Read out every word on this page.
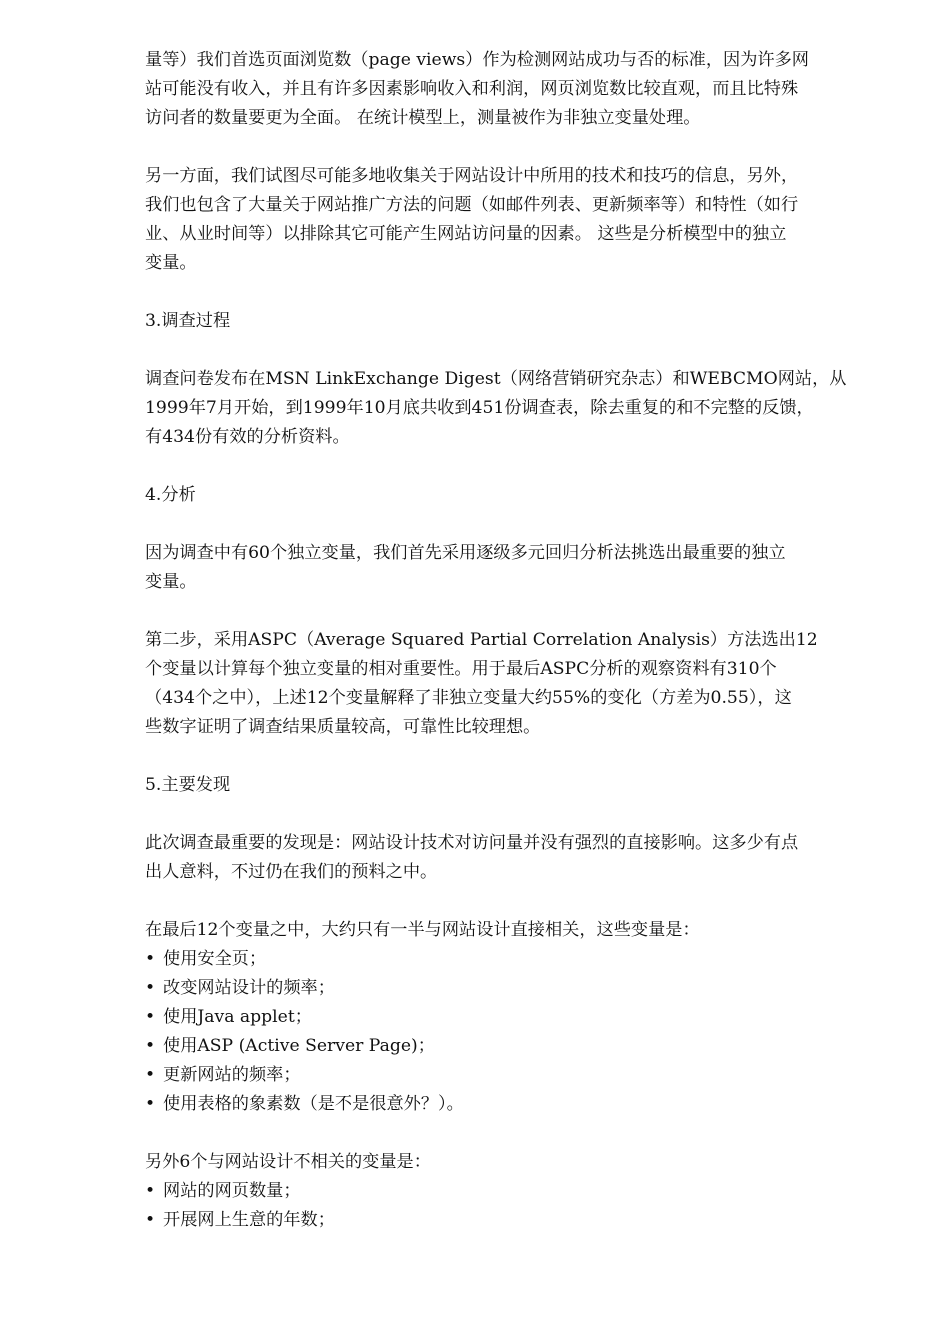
量等）我们首选页面浏览数（page views）作为检测网站成功与否的标准，因为许多网
站可能没有收入，并且有许多因素影响收入和利润，网页浏览数比较直观，而且比特殊
访问者的数量要更为全面。 在统计模型上，测量被作为非独立变量处理。
另一方面，我们试图尽可能多地收集关于网站设计中所用的技术和技巧的信息，另外，
我们也包含了大量关于网站推广方法的问题（如邮件列表、更新频率等）和特性（如行
业、从业时间等）以排除其它可能产生网站访问量的因素。 这些是分析模型中的独立
变量。
3.调查过程
调查问卷发布在MSN LinkExchange Digest（网络营销研究杂志）和WEBCMO网站，从
1999年7月开始，到1999年10月底共收到451份调查表，除去重复的和不完整的反馈，
有434份有效的分析资料。
4.分析
因为调查中有60个独立变量，我们首先采用逐级多元回归分析法挑选出最重要的独立
变量。
第二步，采用ASPC（Average Squared Partial Correlation Analysis）方法选出12
个变量以计算每个独立变量的相对重要性。用于最后ASPC分析的观察资料有310个
（434个之中），上述12个变量解释了非独立变量大约55%的变化（方差为0.55），这
些数字证明了调查结果质量较高，可靠性比较理想。
5.主要发现
此次调查最重要的发现是：网站设计技术对访问量并没有强烈的直接影响。这多少有点
出人意料，不过仍在我们的预料之中。
在最后12个变量之中，大约只有一半与网站设计直接相关，这些变量是：
• 使用安全页；
• 改变网站设计的频率；
• 使用Java applet；
• 使用ASP (Active Server Page)；
• 更新网站的频率；
• 使用表格的象素数（是不是很意外？）。
另外6个与网站设计不相关的变量是：
• 网站的网页数量；
• 开展网上生意的年数；
